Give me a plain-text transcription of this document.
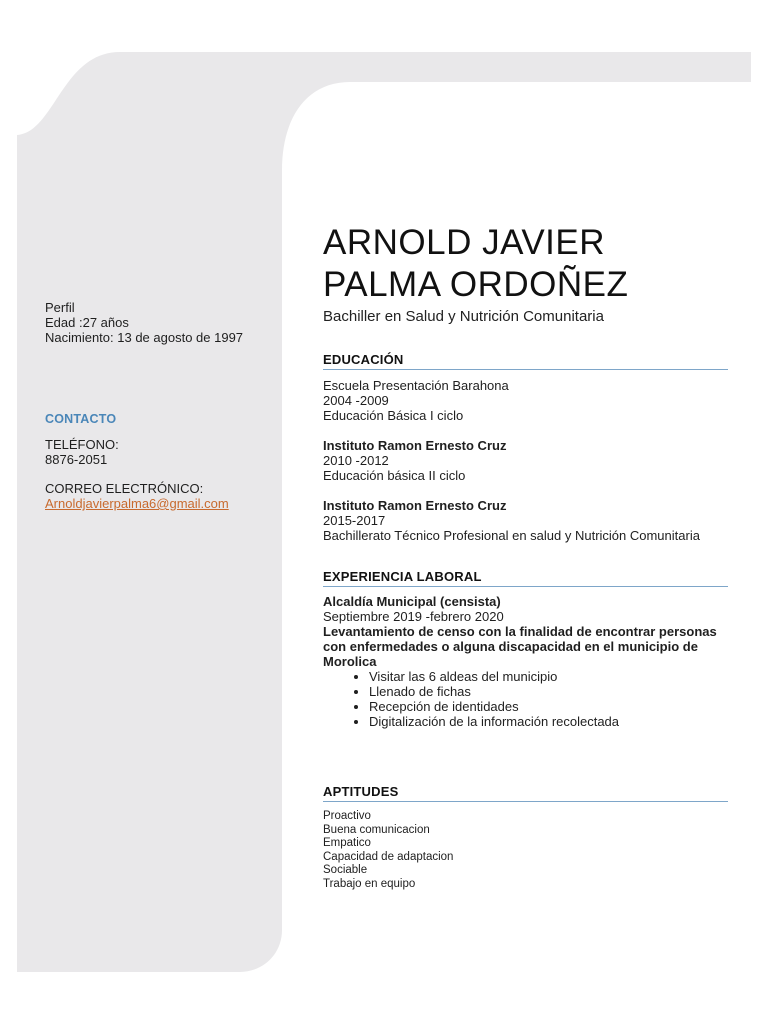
Perfil
Edad :27 años
Nacimiento: 13 de agosto de 1997
CONTACTO
TELÉFONO:
8876-2051
CORREO ELECTRÓNICO:
Arnoldjavierpalma6@gmail.com
ARNOLD JAVIER
PALMA ORDOÑEZ
Bachiller en Salud y Nutrición Comunitaria
EDUCACIÓN
Escuela Presentación Barahona
2004 -2009
Educación Básica I ciclo
Instituto Ramon Ernesto Cruz
2010 -2012
Educación básica II ciclo
Instituto Ramon Ernesto Cruz
2015-2017
Bachillerato Técnico Profesional en salud y Nutrición Comunitaria
EXPERIENCIA LABORAL
Alcaldía Municipal (censista)
Septiembre 2019 -febrero 2020
Levantamiento de censo con la finalidad de encontrar personas con enfermedades o alguna discapacidad en el municipio de Morolica
• Visitar las 6 aldeas del municipio
• Llenado de fichas
• Recepción de identidades
• Digitalización de la información recolectada
APTITUDES
Proactivo
Buena comunicacion
Empatico
Capacidad de adaptacion
Sociable
Trabajo en equipo
